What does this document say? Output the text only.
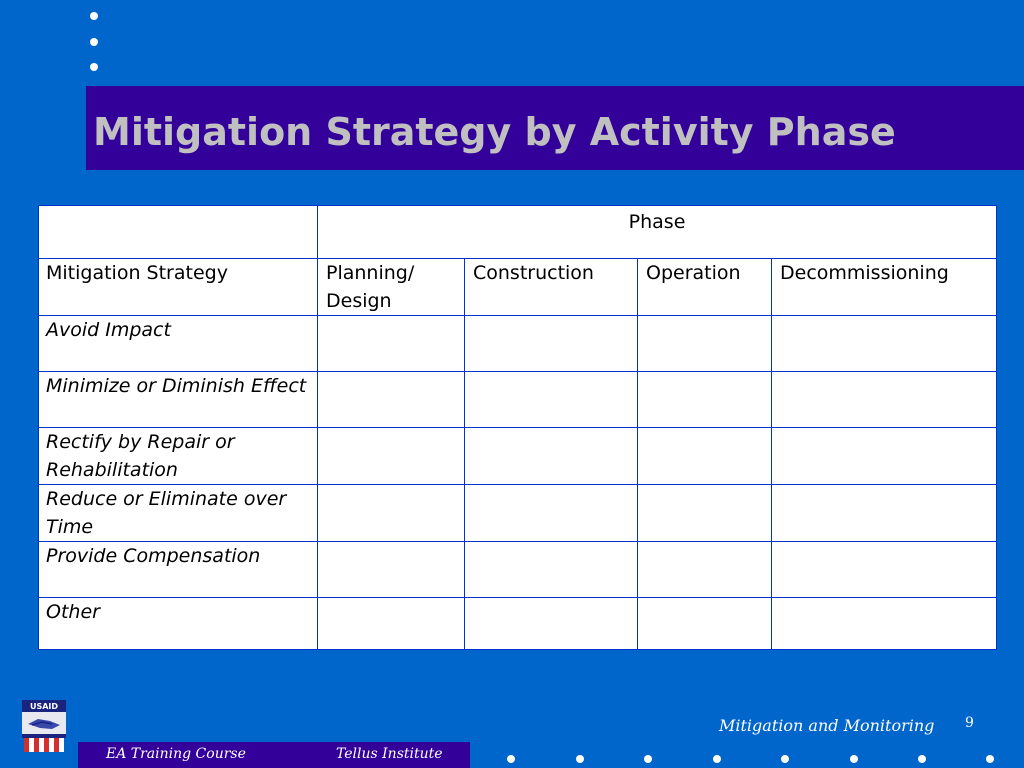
Mitigation Strategy by Activity Phase

	Phase			

Mitigation Strategy	Planning/ Design	Construction	Operation	Decommissioning
Avoid Impact				
Minimize or Diminish Effect				
Rectify by Repair or Rehabilitation				
Reduce or Eliminate over Time				
Provide Compensation				
Other				
USAID
EA Training Course	Tellus Institute
Mitigation and Monitoring 9
